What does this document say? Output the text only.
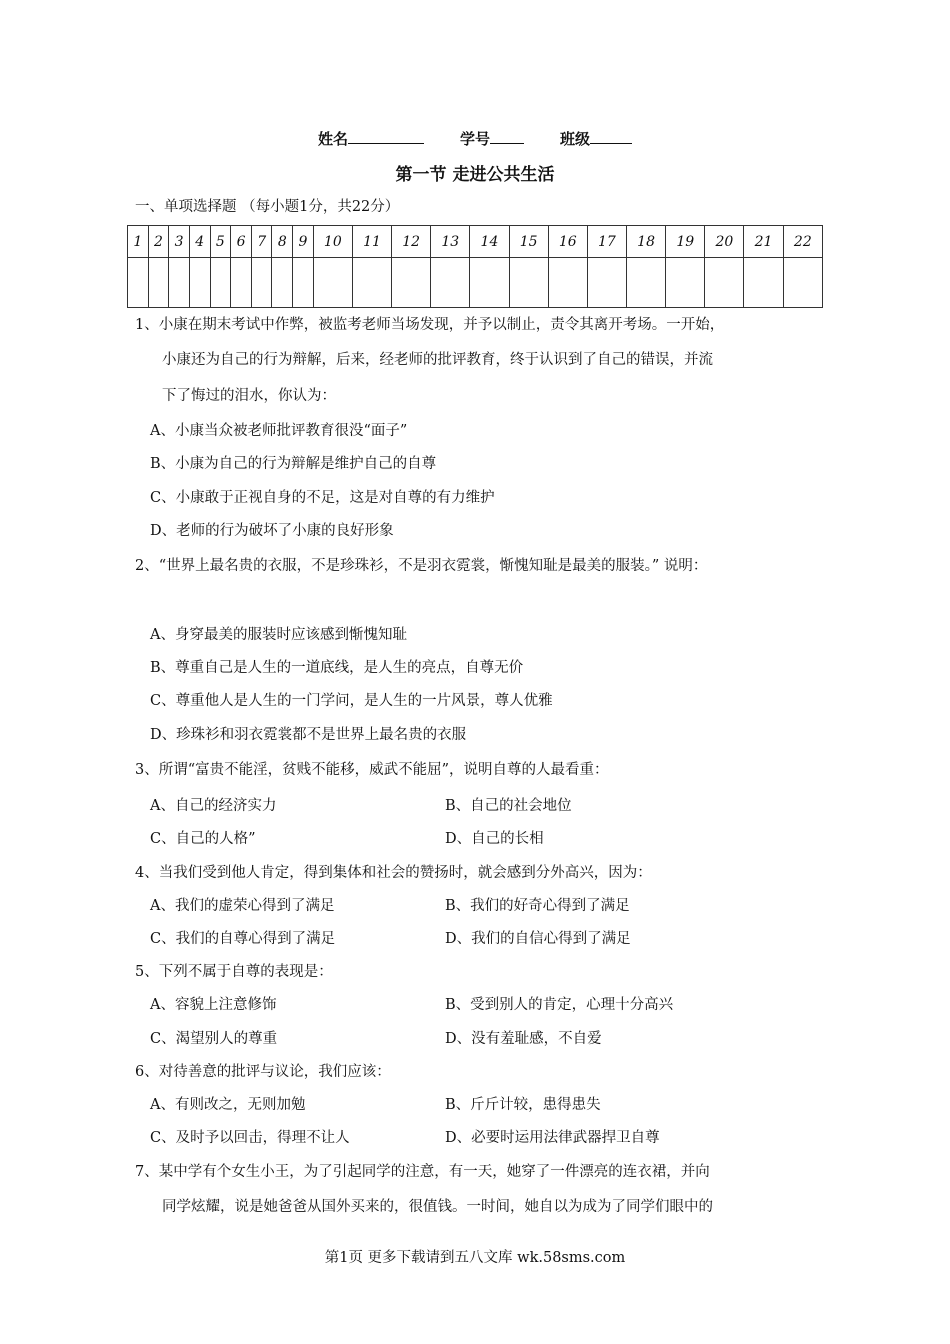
姓名	学号	班级
第一节 走进公共生活
一、单项选择题 （每小题1分，共22分）
1	2	3	4	5	6	7	8	9	10	11	12	13	14	15	16	17	18	19	20	21	22

1、小康在期末考试中作弊，被监考老师当场发现，并予以制止，责令其离开考场。一开始，
小康还为自己的行为辩解，后来，经老师的批评教育，终于认识到了自己的错误，并流
下了悔过的泪水，你认为：
A、小康当众被老师批评教育很没“面子”
B、小康为自己的行为辩解是维护自己的自尊
C、小康敢于正视自身的不足，这是对自尊的有力维护
D、老师的行为破坏了小康的良好形象
2、“世界上最名贵的衣服，不是珍珠衫，不是羽衣霓裳，惭愧知耻是最美的服装。” 说明：
A、身穿最美的服装时应该感到惭愧知耻
B、尊重自己是人生的一道底线，是人生的亮点，自尊无价
C、尊重他人是人生的一门学问，是人生的一片风景，尊人优雅
D、珍珠衫和羽衣霓裳都不是世界上最名贵的衣服
3、所谓“富贵不能淫，贫贱不能移，威武不能屈”，说明自尊的人最看重：
A、自己的经济实力	B、自己的社会地位
C、自己的人格”	D、自己的长相
4、当我们受到他人肯定，得到集体和社会的赞扬时，就会感到分外高兴，因为：
A、我们的虚荣心得到了满足	B、我们的好奇心得到了满足
C、我们的自尊心得到了满足	D、我们的自信心得到了满足
5、下列不属于自尊的表现是：
A、容貌上注意修饰	B、受到别人的肯定，心理十分高兴
C、渴望别人的尊重	D、没有羞耻感，不自爱
6、对待善意的批评与议论，我们应该：
A、有则改之，无则加勉	B、斤斤计较，患得患失
C、及时予以回击，得理不让人	D、必要时运用法律武器捍卫自尊
7、某中学有个女生小王，为了引起同学的注意，有一天，她穿了一件漂亮的连衣裙，并向
同学炫耀，说是她爸爸从国外买来的，很值钱。一时间，她自以为成为了同学们眼中的
第1页 更多下载请到五八文库 wk.58sms.com
